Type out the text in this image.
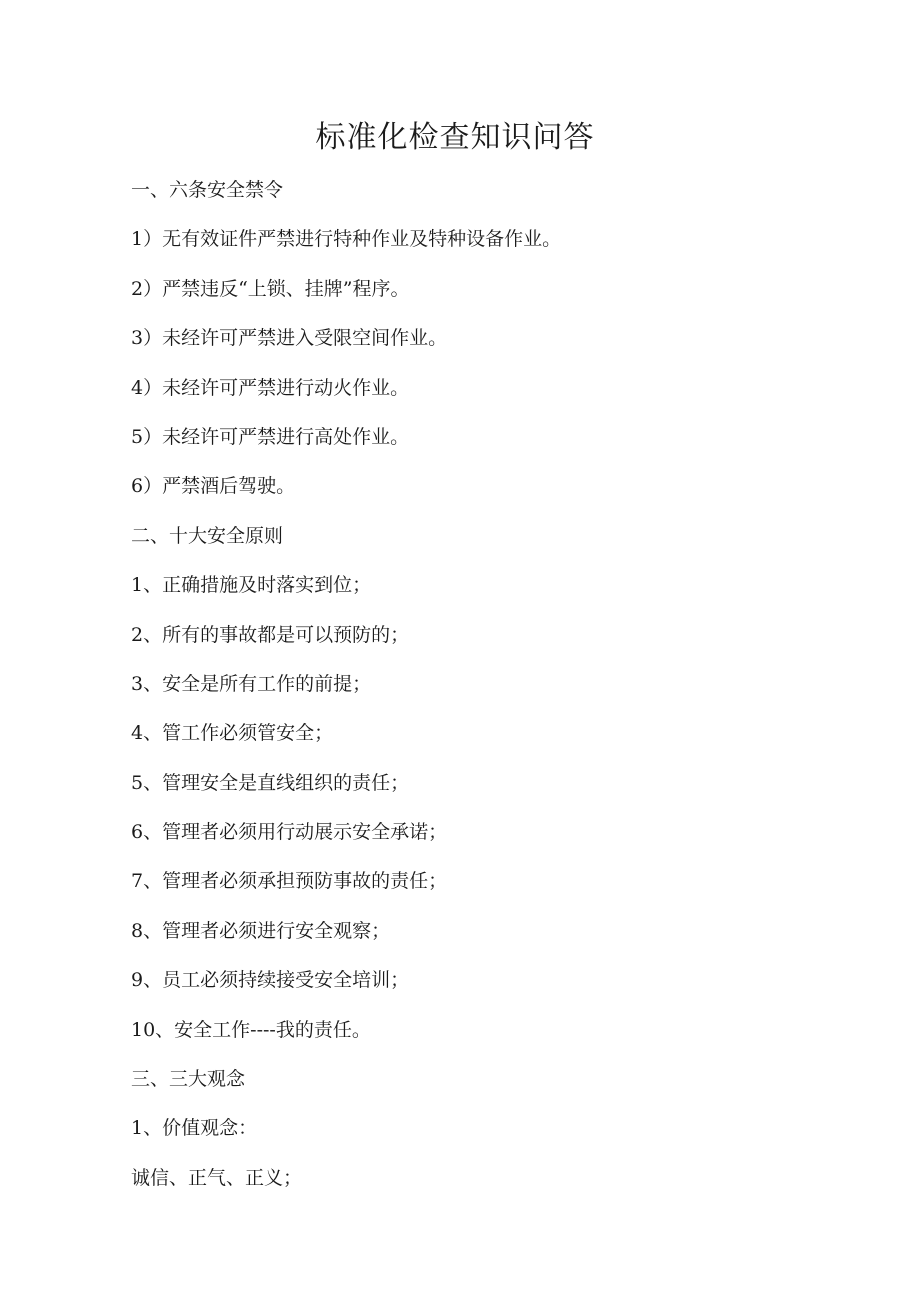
标准化检查知识问答
一、六条安全禁令
1）无有效证件严禁进行特种作业及特种设备作业。
2）严禁违反“上锁、挂牌”程序。
3）未经许可严禁进入受限空间作业。
4）未经许可严禁进行动火作业。
5）未经许可严禁进行高处作业。
6）严禁酒后驾驶。
二、十大安全原则
1、正确措施及时落实到位；
2、所有的事故都是可以预防的；
3、安全是所有工作的前提；
4、管工作必须管安全；
5、管理安全是直线组织的责任；
6、管理者必须用行动展示安全承诺；
7、管理者必须承担预防事故的责任；
8、管理者必须进行安全观察；
9、员工必须持续接受安全培训；
10、安全工作----我的责任。
三、三大观念
1、价值观念：
诚信、正气、正义；
